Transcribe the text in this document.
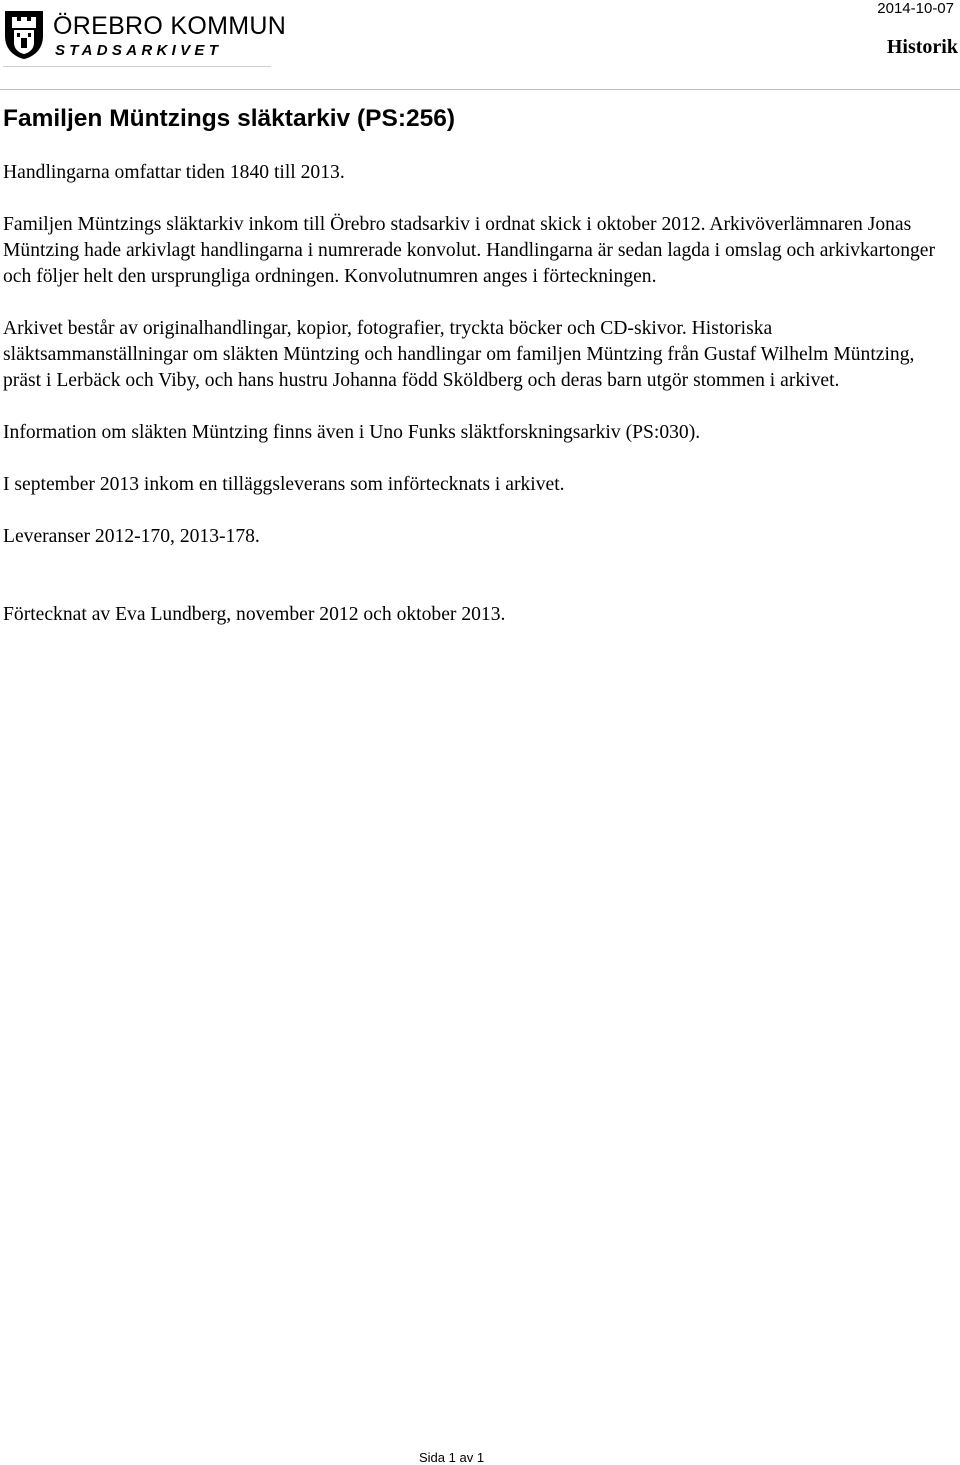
ÖREBRO KOMMUN
STADSARKIVET
2014-10-07
Historik
Familjen Müntzings släktarkiv (PS:256)

Handlingarna omfattar tiden 1840 till 2013.

Familjen Müntzings släktarkiv inkom till Örebro stadsarkiv i ordnat skick i oktober 2012. Arkivöverlämnaren Jonas Müntzing hade arkivlagt handlingarna i numrerade konvolut. Handlingarna är sedan lagda i omslag och arkivkartonger och följer helt den ursprungliga ordningen. Konvolutnumren anges i förteckningen.

Arkivet består av originalhandlingar, kopior, fotografier, tryckta böcker och CD-skivor. Historiska släktsammanställningar om släkten Müntzing och handlingar om familjen Müntzing från Gustaf Wilhelm Müntzing, präst i Lerbäck och Viby, och hans hustru Johanna född Sköldberg och deras barn utgör stommen i arkivet.

Information om släkten Müntzing finns även i Uno Funks släktforskningsarkiv (PS:030).

I september 2013 inkom en tilläggsleverans som införtecknats i arkivet.

Leveranser 2012-170, 2013-178.

Förtecknat av Eva Lundberg, november 2012 och oktober 2013.

Sida 1 av 1
